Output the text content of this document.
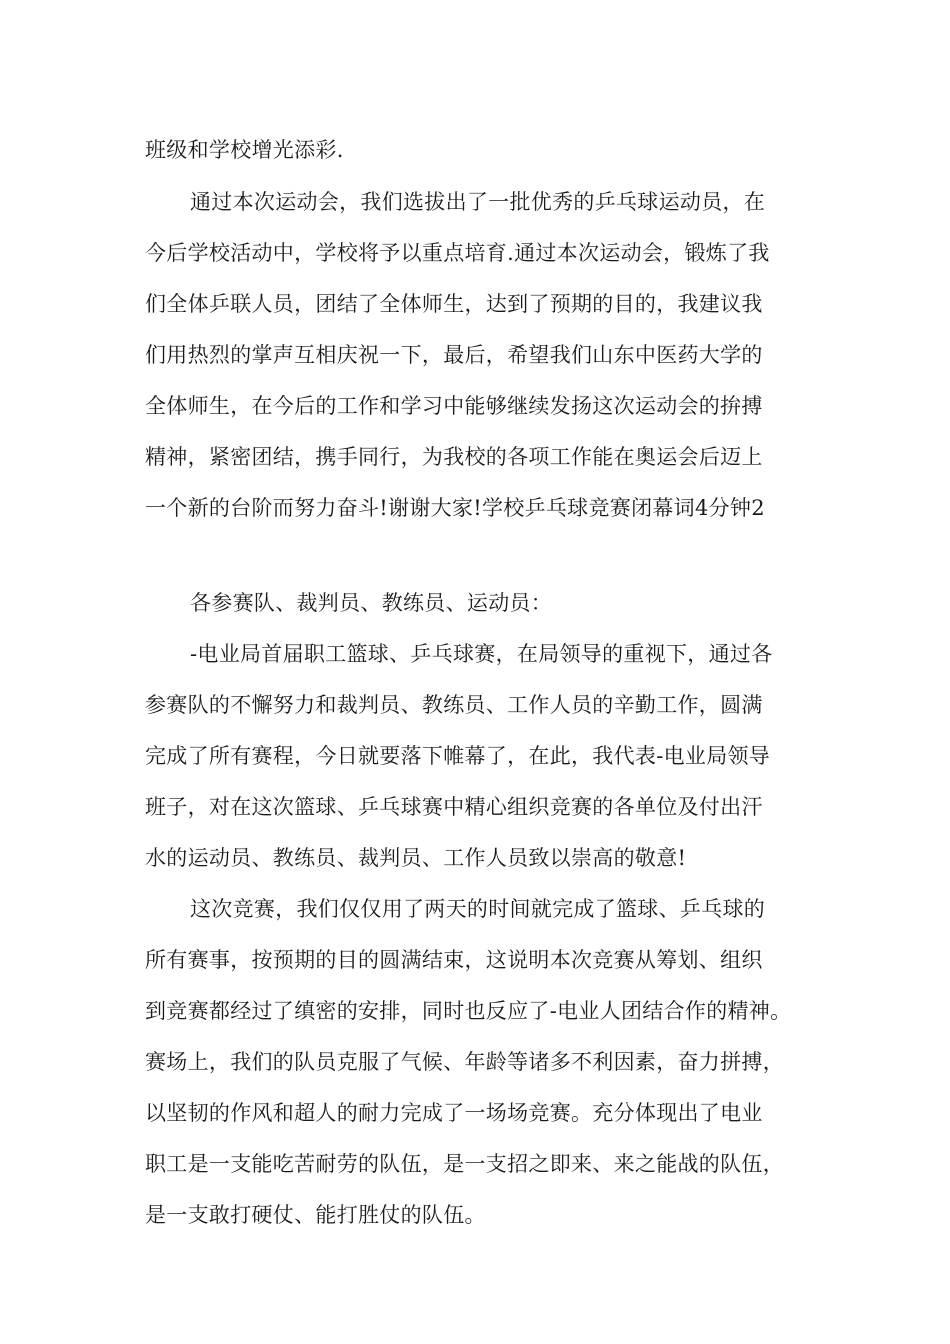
班级和学校增光添彩.
通过本次运动会，我们选拔出了一批优秀的乒乓球运动员，在
今后学校活动中，学校将予以重点培育.通过本次运动会，锻炼了我
们全体乒联人员，团结了全体师生，达到了预期的目的，我建议我
们用热烈的掌声互相庆祝一下，最后，希望我们山东中医药大学的
全体师生，在今后的工作和学习中能够继续发扬这次运动会的拚搏
精神，紧密团结，携手同行，为我校的各项工作能在奥运会后迈上
一个新的台阶而努力奋斗!谢谢大家!学校乒乓球竞赛闭幕词4分钟2
各参赛队、裁判员、教练员、运动员：
-电业局首届职工篮球、乒乓球赛，在局领导的重视下，通过各
参赛队的不懈努力和裁判员、教练员、工作人员的辛勤工作，圆满
完成了所有赛程，今日就要落下帷幕了，在此，我代表-电业局领导
班子，对在这次篮球、乒乓球赛中精心组织竞赛的各单位及付出汗
水的运动员、教练员、裁判员、工作人员致以崇高的敬意!
这次竞赛，我们仅仅用了两天的时间就完成了篮球、乒乓球的
所有赛事，按预期的目的圆满结束，这说明本次竞赛从筹划、组织
到竞赛都经过了缜密的安排，同时也反应了-电业人团结合作的精神。
赛场上，我们的队员克服了气候、年龄等诸多不利因素，奋力拼搏，
以坚韧的作风和超人的耐力完成了一场场竞赛。充分体现出了电业
职工是一支能吃苦耐劳的队伍，是一支招之即来、来之能战的队伍，
是一支敢打硬仗、能打胜仗的队伍。
